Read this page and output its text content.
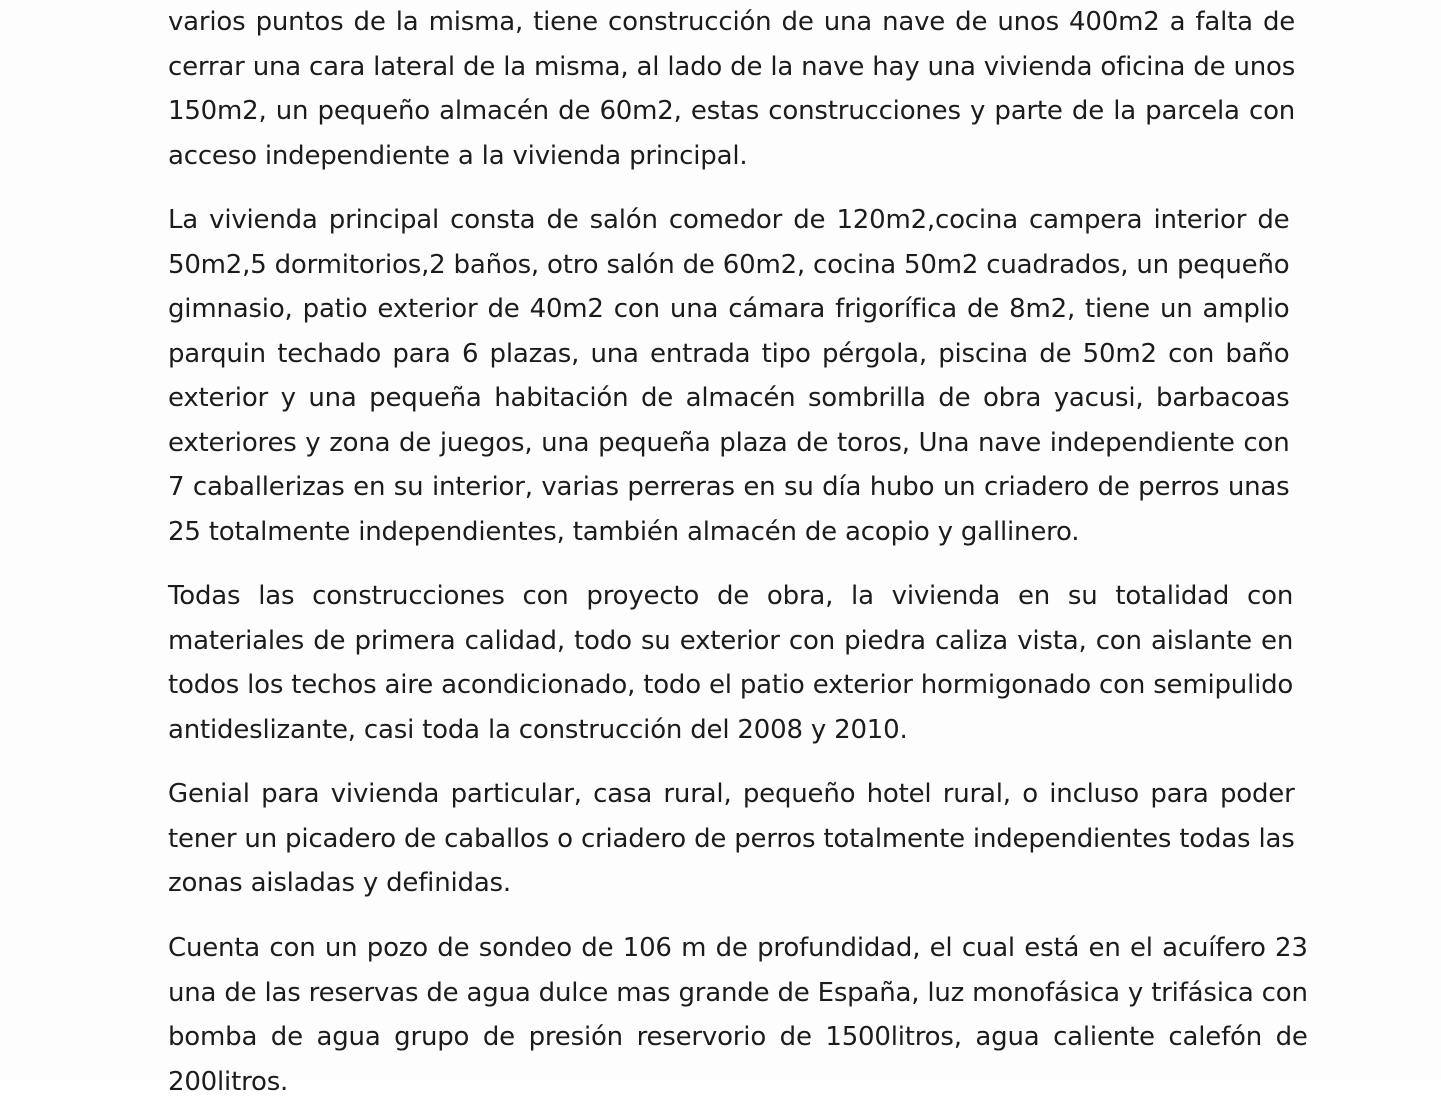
varios puntos de la misma, tiene construcción de una nave de unos 400m2 a falta de
cerrar una cara lateral de la misma, al lado de la nave hay una vivienda oficina de unos
150m2, un pequeño almacén de 60m2, estas construcciones y parte de la parcela con
acceso independiente a la vivienda principal.
La vivienda principal consta de salón comedor de 120m2,cocina campera interior de
50m2,5 dormitorios,2 baños, otro salón de 60m2, cocina 50m2 cuadrados, un pequeño
gimnasio, patio exterior de 40m2 con una cámara frigorífica de 8m2, tiene un amplio
parquin techado para 6 plazas, una entrada tipo pérgola, piscina de 50m2 con baño
exterior y una pequeña habitación de almacén sombrilla de obra yacusi, barbacoas
exteriores y zona de juegos, una pequeña plaza de toros, Una nave independiente con
7 caballerizas en su interior, varias perreras en su día hubo un criadero de perros unas
25 totalmente independientes, también almacén de acopio y gallinero.
Todas las construcciones con proyecto de obra, la vivienda en su totalidad con
materiales de primera calidad, todo su exterior con piedra caliza vista, con aislante en
todos los techos aire acondicionado, todo el patio exterior hormigonado con semipulido
antideslizante, casi toda la construcción del 2008 y 2010.
Genial para vivienda particular, casa rural, pequeño hotel rural, o incluso para poder
tener un picadero de caballos o criadero de perros totalmente independientes todas las
zonas aisladas y definidas.
Cuenta con un pozo de sondeo de 106 m de profundidad, el cual está en el acuífero 23
una de las reservas de agua dulce mas grande de España, luz monofásica y trifásica con
bomba de agua grupo de presión reservorio de 1500litros, agua caliente calefón de
200litros.
